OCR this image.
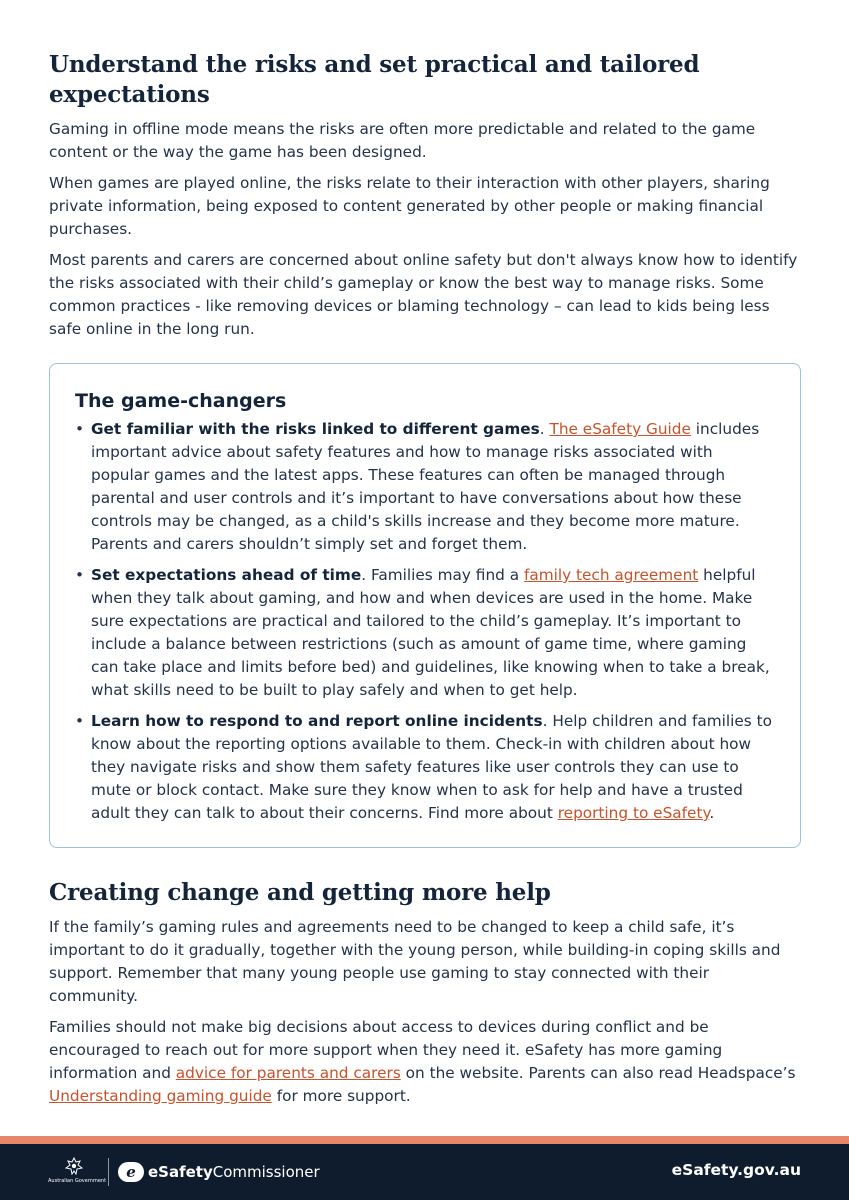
Understand the risks and set practical and tailored expectations

Gaming in offline mode means the risks are often more predictable and related to the game content or the way the game has been designed.

When games are played online, the risks relate to their interaction with other players, sharing private information, being exposed to content generated by other people or making financial purchases.

Most parents and carers are concerned about online safety but don't always know how to identify the risks associated with their child’s gameplay or know the best way to manage risks. Some common practices - like removing devices or blaming technology – can lead to kids being less safe online in the long run.

The game-changers
• Get familiar with the risks linked to different games. The eSafety Guide includes important advice about safety features and how to manage risks associated with popular games and the latest apps. These features can often be managed through parental and user controls and it’s important to have conversations about how these controls may be changed, as a child's skills increase and they become more mature. Parents and carers shouldn’t simply set and forget them.
• Set expectations ahead of time. Families may find a family tech agreement helpful when they talk about gaming, and how and when devices are used in the home. Make sure expectations are practical and tailored to the child’s gameplay. It’s important to include a balance between restrictions (such as amount of game time, where gaming can take place and limits before bed) and guidelines, like knowing when to take a break, what skills need to be built to play safely and when to get help.
• Learn how to respond to and report online incidents. Help children and families to know about the reporting options available to them. Check-in with children about how they navigate risks and show them safety features like user controls they can use to mute or block contact. Make sure they know when to ask for help and have a trusted adult they can talk to about their concerns. Find more about reporting to eSafety.
Creating change and getting more help

If the family’s gaming rules and agreements need to be changed to keep a child safe, it’s important to do it gradually, together with the young person, while building-in coping skills and support. Remember that many young people use gaming to stay connected with their community.

Families should not make big decisions about access to devices during conflict and be encouraged to reach out for more support when they need it. eSafety has more gaming information and advice for parents and carers on the website. Parents can also read Headspace’s Understanding gaming guide for more support.

Australian Government	e eSafety Commissioner	eSafety.gov.au
